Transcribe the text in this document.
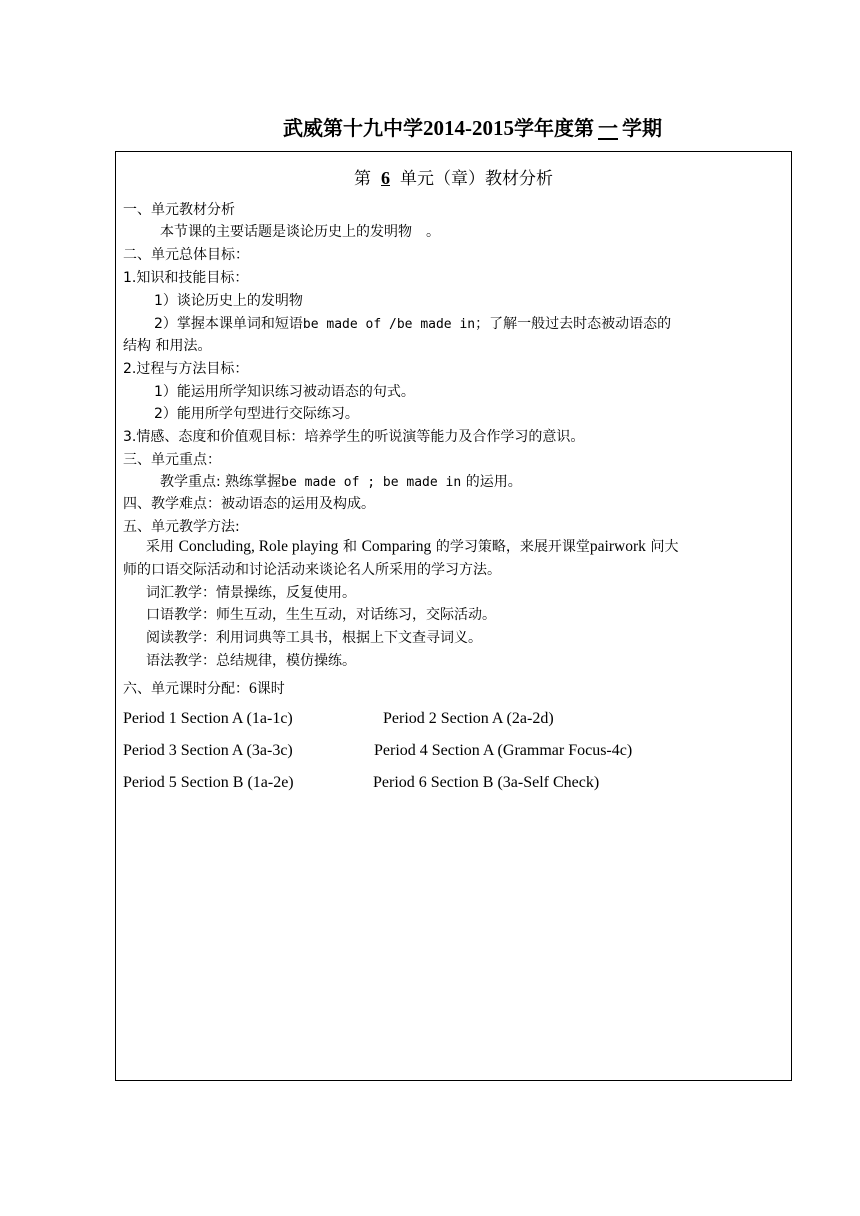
武威第十九中学2014-2015学年度第 一 学期
第 6 单元（章）教材分析
一、单元教材分析
本节课的主要话题是谈论历史上的发明物　。
二、单元总体目标：
1.知识和技能目标：
1）谈论历史上的发明物
2）掌握本课单词和短语be made of /be made in；了解一般过去时态被动语态的
结构 和用法。
2.过程与方法目标：
1）能运用所学知识练习被动语态的句式。
2）能用所学句型进行交际练习。
3.情感、态度和价值观目标：培养学生的听说演等能力及合作学习的意识。
三、单元重点：
教学重点: 熟练掌握be made of ; be made in 的运用。
四、教学难点：被动语态的运用及构成。
五、单元教学方法:
采用 Concluding, Role playing 和 Comparing 的学习策略，来展开课堂pairwork 问大
师的口语交际活动和讨论活动来谈论名人所采用的学习方法。
词汇教学：情景操练，反复使用。
口语教学：师生互动，生生互动，对话练习，交际活动。
阅读教学：利用词典等工具书，根据上下文查寻词义。
语法教学：总结规律，模仿操练。
六、单元课时分配：6课时
Period 1 Section A (1a-1c)	Period 2 Section A (2a-2d)
Period 3 Section A (3a-3c)	Period 4 Section A (Grammar Focus-4c)
Period 5 Section B (1a-2e)	Period 6 Section B (3a-Self Check)
